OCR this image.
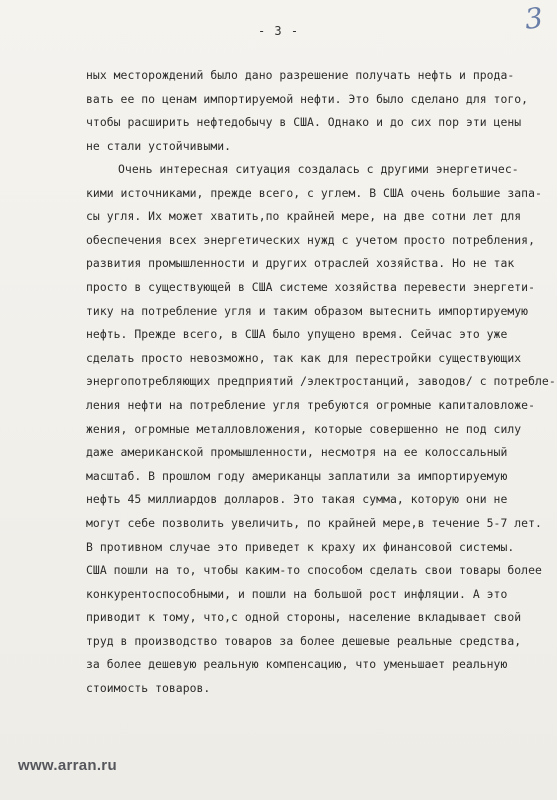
- 3 -	3
ных месторождений было дано разрешение получать нефть и прода-
вать ее по ценам импортируемой нефти. Это было сделано для того,
чтобы расширить нефтедобычу в США. Однако и до сих пор эти цены
не стали устойчивыми.
Очень интересная ситуация создалась с другими энергетичес-
кими источниками, прежде всего, с углем. В США очень большие запа-
сы угля. Их может хватить,по крайней мере, на две сотни лет для
обеспечения всех энергетических нужд с учетом просто потребления,
развития промышленности и других отраслей хозяйства. Но не так
просто в существующей в США системе хозяйства перевести энергети-
тику на потребление угля и таким образом вытеснить импортируемую
нефть. Прежде всего, в США было упущено время. Сейчас это уже
сделать просто невозможно, так как для перестройки существующих
энергопотребляющих предприятий /электростанций, заводов/ с потребле-
ления нефти на потребление угля требуются огромные капиталовложе-
жения, огромные металловложения, которые совершенно не под силу
даже американской промышленности, несмотря на ее колоссальный
масштаб. В прошлом году американцы заплатили за импортируемую
нефть 45 миллиардов долларов. Это такая сумма, которую они не
могут себе позволить увеличить, по крайней мере,в течение 5-7 лет.
В противном случае это приведет к краху их финансовой системы.
США пошли на то, чтобы каким-то способом сделать свои товары более
конкурентоспособными, и пошли на большой рост инфляции. А это
приводит к тому, что,с одной стороны, население вкладывает свой
труд в производство товаров за более дешевые реальные средства,
за более дешевую реальную компенсацию, что уменьшает реальную
стоимость товаров.
www.arran.ru
